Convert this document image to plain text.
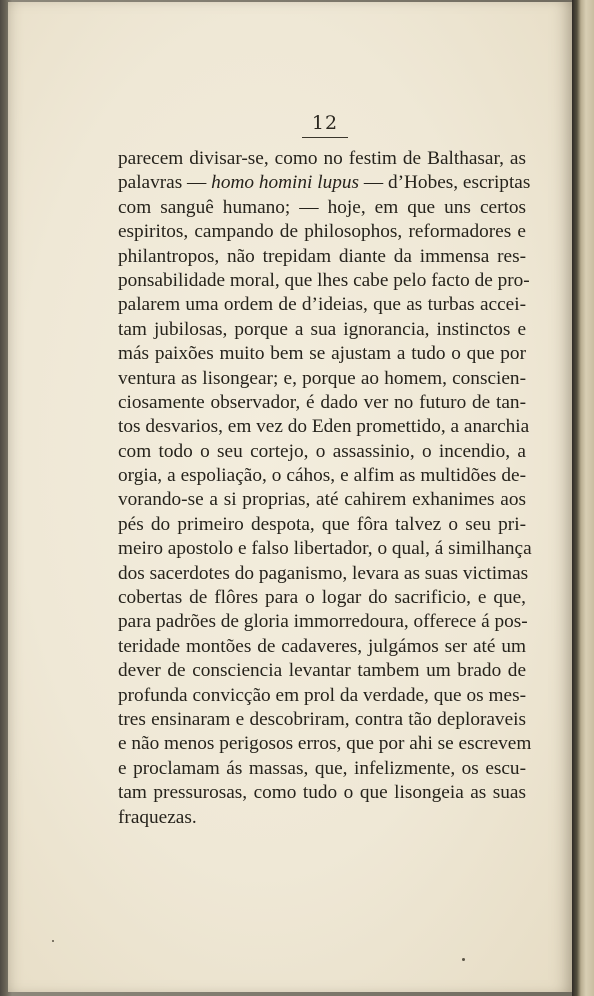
12
parecem divisar-se, como no festim de Balthasar, as
palavras — homo homini lupus — d’Hobes, escriptas
com sanguê humano; — hoje, em que uns certos
espiritos, campando de philosophos, reformadores e
philantropos, não trepidam diante da immensa res-
ponsabilidade moral, que lhes cabe pelo facto de pro-
palarem uma ordem de d’ideias, que as turbas accei-
tam jubilosas, porque a sua ignorancia, instinctos e
más paixões muito bem se ajustam a tudo o que por
ventura as lisongear; e, porque ao homem, conscien-
ciosamente observador, é dado ver no futuro de tan-
tos desvarios, em vez do Eden promettido, a anarchia
com todo o seu cortejo, o assassinio, o incendio, a
orgia, a espoliação, o cáhos, e alfim as multidões de-
vorando-se a si proprias, até cahirem exhanimes aos
pés do primeiro despota, que fôra talvez o seu pri-
meiro apostolo e falso libertador, o qual, á similhança
dos sacerdotes do paganismo, levara as suas victimas
cobertas de flôres para o logar do sacrificio, e que,
para padrões de gloria immorredoura, offerece á pos-
teridade montões de cadaveres, julgámos ser até um
dever de consciencia levantar tambem um brado de
profunda convicção em prol da verdade, que os mes-
tres ensinaram e descobriram, contra tão deploraveis
e não menos perigosos erros, que por ahi se escrevem
e proclamam ás massas, que, infelizmente, os escu-
tam pressurosas, como tudo o que lisongeia as suas
fraquezas.
